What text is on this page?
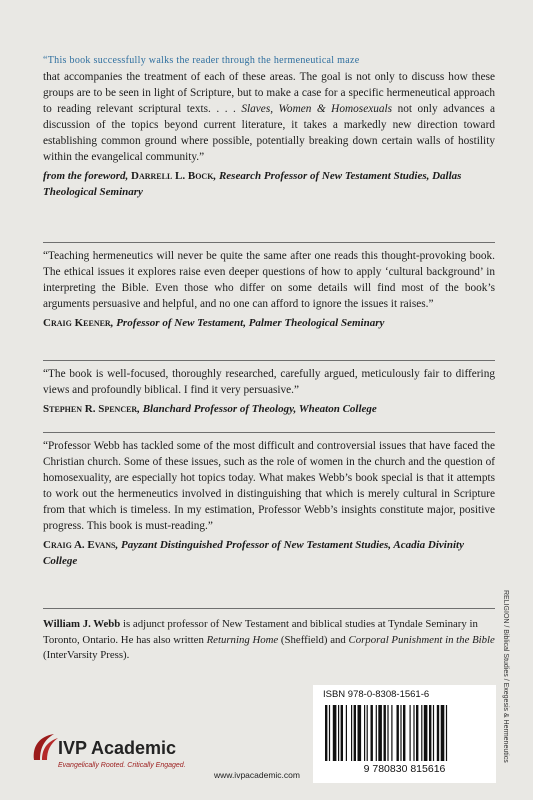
“This book successfully walks the reader through the hermeneutical maze
that accompanies the treatment of each of these areas. The goal is not only to discuss how these groups are to be seen in light of Scripture, but to make a case for a specific hermeneutical approach to reading relevant scriptural texts. . . . Slaves, Women & Homosexuals not only advances a discussion of the topics beyond current literature, it takes a markedly new direction toward establishing common ground where possible, potentially breaking down certain walls of hostility within the evangelical community.”

from the foreword, Darrell L. Bock, Research Professor of New Testament Studies, Dallas Theological Seminary

“Teaching hermeneutics will never be quite the same after one reads this thought-provoking book. The ethical issues it explores raise even deeper questions of how to apply ‘cultural background’ in interpreting the Bible. Even those who differ on some details will find most of the book’s arguments persuasive and helpful, and no one can afford to ignore the issues it raises.”

Craig Keener, Professor of New Testament, Palmer Theological Seminary

“The book is well-focused, thoroughly researched, carefully argued, meticulously fair to differing views and profoundly biblical. I find it very persuasive.”

Stephen R. Spencer, Blanchard Professor of Theology, Wheaton College

“Professor Webb has tackled some of the most difficult and controversial issues that have faced the Christian church. Some of these issues, such as the role of women in the church and the question of homosexuality, are especially hot topics today. What makes Webb’s book special is that it attempts to work out the hermeneutics involved in distinguishing that which is merely cultural in Scripture from that which is timeless. In my estimation, Professor Webb’s insights constitute major, positive progress. This book is must-reading.”

Craig A. Evans, Payzant Distinguished Professor of New Testament Studies, Acadia Divinity College

William J. Webb is adjunct professor of New Testament and biblical studies at Tyndale Seminary in Toronto, Ontario. He has also written Returning Home (Sheffield) and Corporal Punishment in the Bible (InterVarsity Press).

IVP Academic
Evangelically Rooted. Critically Engaged.
www.ivpacademic.com
ISBN 978-0-8308-1561-6
9 780830 815616
RELIGION / Biblical Studies / Exegesis & Hermeneutics
